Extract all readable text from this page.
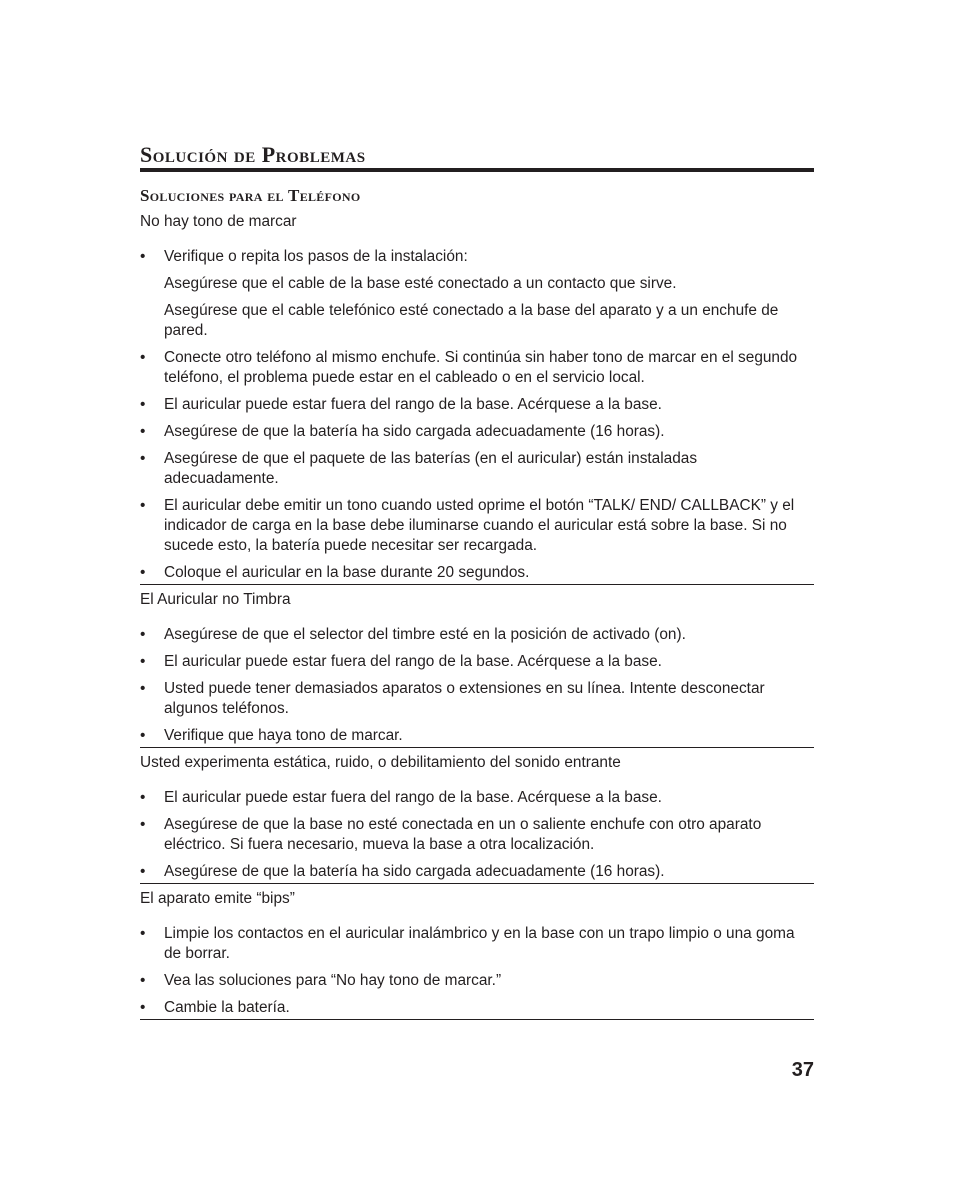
Solución de Problemas
Soluciones para el Teléfono

No hay tono de marcar

• Verifique o repita los pasos de la instalación:

Asegúrese que el cable de la base esté conectado a un contacto que sirve.

Asegúrese que el cable telefónico esté conectado a la base del aparato y a un enchufe de pared.

• Conecte otro teléfono al mismo enchufe. Si continúa sin haber tono de marcar en el segundo teléfono, el problema puede estar en el cableado o en el servicio local.
• El auricular puede estar fuera del rango de la base. Acérquese a la base.
• Asegúrese de que la batería ha sido cargada adecuadamente (16 horas).
• Asegúrese de que el paquete de las baterías (en el auricular) están instaladas adecuadamente.
• El auricular debe emitir un tono cuando usted oprime el botón “TALK/ END/ CALLBACK” y el indicador de carga en la base debe iluminarse cuando el auricular está sobre la base. Si no sucede esto, la batería puede necesitar ser recargada.
• Coloque el auricular en la base durante 20 segundos.

El Auricular no Timbra

• Asegúrese de que el selector del timbre esté en la posición de activado (on).
• El auricular puede estar fuera del rango de la base. Acérquese a la base.
• Usted puede tener demasiados aparatos o extensiones en su línea. Intente desconectar algunos teléfonos.
• Verifique que haya tono de marcar.

Usted experimenta estática, ruido, o debilitamiento del sonido entrante

• El auricular puede estar fuera del rango de la base. Acérquese a la base.
• Asegúrese de que la base no esté conectada en un o saliente enchufe con otro aparato eléctrico. Si fuera necesario, mueva la base a otra localización.
• Asegúrese de que la batería ha sido cargada adecuadamente (16 horas).

El aparato emite “bips”

• Limpie los contactos en el auricular inalámbrico y en la base con un trapo limpio o una goma de borrar.
• Vea las soluciones para “No hay tono de marcar.”
• Cambie la batería.

37
